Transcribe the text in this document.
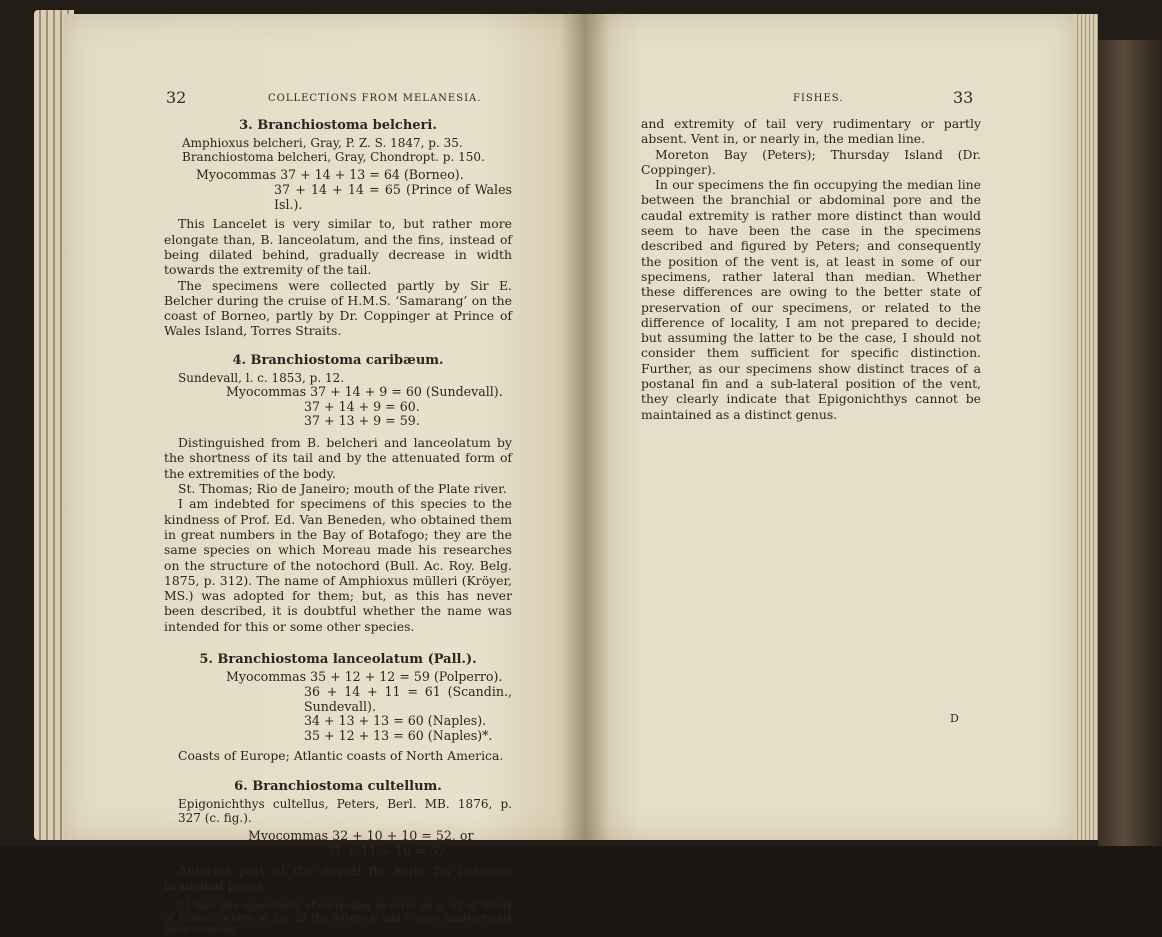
32	COLLECTIONS FROM MELANESIA.
3. Branchiostoma belcheri.
Amphioxus belcheri, Gray, P. Z. S. 1847, p. 35.
Branchiostoma belcheri, Gray, Chondropt. p. 150.
Myocommas 37 + 14 + 13 = 64 (Borneo).
37 + 14 + 14 = 65 (Prince of Wales Isl.).

This Lancelet is very similar to, but rather more elongate than, B. lanceolatum, and the fins, instead of being dilated behind, gradually decrease in width towards the extremity of the tail.

The specimens were collected partly by Sir E. Belcher during the cruise of H.M.S. ‘Samarang’ on the coast of Borneo, partly by Dr. Coppinger at Prince of Wales Island, Torres Straits.

4. Branchiostoma caribæum.
Sundevall, l. c. 1853, p. 12.
Myocommas 37 + 14 + 9 = 60 (Sundevall).
37 + 14 + 9 = 60.
37 + 13 + 9 = 59.

Distinguished from B. belcheri and lanceolatum by the shortness of its tail and by the attenuated form of the extremities of the body.

St. Thomas; Rio de Janeiro; mouth of the Plate river.

I am indebted for specimens of this species to the kindness of Prof. Ed. Van Beneden, who obtained them in great numbers in the Bay of Botafogo; they are the same species on which Moreau made his researches on the structure of the notochord (Bull. Ac. Roy. Belg. 1875, p. 312). The name of Amphioxus mülleri (Kröyer, MS.) was adopted for them; but, as this has never been described, it is doubtful whether the name was intended for this or some other species.

5. Branchiostoma lanceolatum (Pall.).
Myocommas 35 + 12 + 12 = 59 (Polperro).
36 + 14 + 11 = 61 (Scandin., Sundevall).
34 + 13 + 13 = 60 (Naples).
35 + 12 + 13 = 60 (Naples)*.

Coasts of Europe; Atlantic coasts of North America.

6. Branchiostoma cultellum.
Epigonichthys cultellus, Peters, Berl. MB. 1876, p. 327 (c. fig.).
Myocommas 32 + 10 + 10 = 52, or
31 + 11 + 10 = 52.

Anterior part of the dorsal fin high; fin between branchial porus

* I take this opportunity of correcting an error on p. 63 of ‘Study of Fishes,’ where in fig. 28 the letters b and c have inadvertently been reversed.

FISHES.	33

and extremity of tail very rudimentary or partly absent. Vent in, or nearly in, the median line.

Moreton Bay (Peters); Thursday Island (Dr. Coppinger).

In our specimens the fin occupying the median line between the branchial or abdominal pore and the caudal extremity is rather more distinct than would seem to have been the case in the specimens described and figured by Peters; and consequently the position of the vent is, at least in some of our specimens, rather lateral than median. Whether these differences are owing to the better state of preservation of our specimens, or related to the difference of locality, I am not prepared to decide; but assuming the latter to be the case, I should not consider them sufficient for specific distinction. Further, as our specimens show distinct traces of a postanal fin and a sub-lateral position of the vent, they clearly indicate that Epigonichthys cannot be maintained as a distinct genus.

D
